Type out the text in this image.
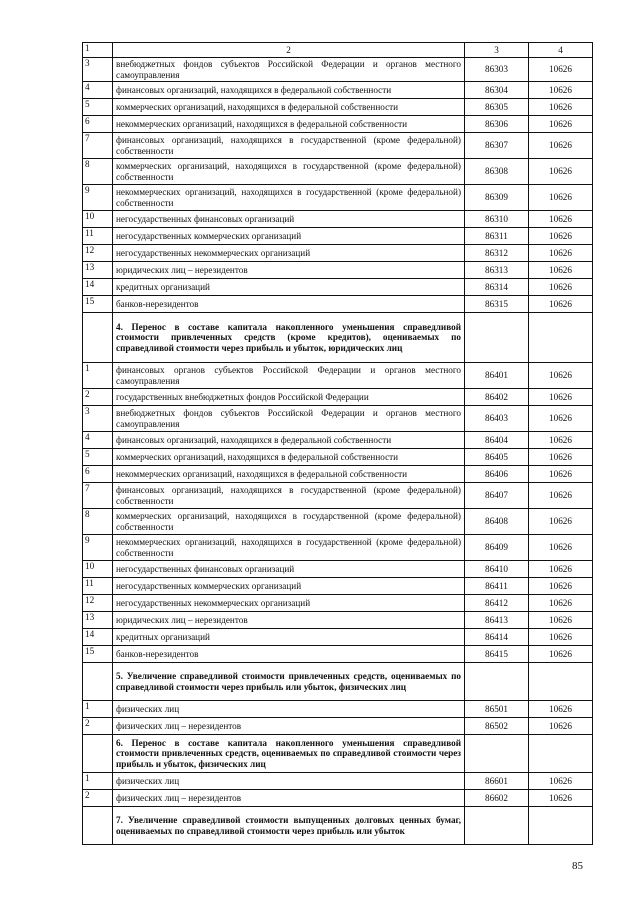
1	2	3	4
3	внебюджетных фондов субъектов Российской Федерации и органов местного самоуправления	86303	10626
4	финансовых организаций, находящихся в федеральной собственности	86304	10626
5	коммерческих организаций, находящихся в федеральной собственности	86305	10626
6	некоммерческих организаций, находящихся в федеральной собственности	86306	10626
7	финансовых организаций, находящихся в государственной (кроме федеральной) собственности	86307	10626
8	коммерческих организаций, находящихся в государственной (кроме федеральной) собственности	86308	10626
9	некоммерческих организаций, находящихся в государственной (кроме федеральной) собственности	86309	10626
10	негосударственных финансовых организаций	86310	10626
11	негосударственных коммерческих организаций	86311	10626
12	негосударственных некоммерческих организаций	86312	10626
13	юридических лиц – нерезидентов	86313	10626
14	кредитных организаций	86314	10626
15	банков-нерезидентов	86315	10626
	4. Перенос в составе капитала накопленного уменьшения справедливой стоимости привлеченных средств (кроме кредитов), оцениваемых по справедливой стоимости через прибыль и убыток, юридических лиц		
1	финансовых органов субъектов Российской Федерации и органов местного самоуправления	86401	10626
2	государственных внебюджетных фондов Российской Федерации	86402	10626
3	внебюджетных фондов субъектов Российской Федерации и органов местного самоуправления	86403	10626
4	финансовых организаций, находящихся в федеральной собственности	86404	10626
5	коммерческих организаций, находящихся в федеральной собственности	86405	10626
6	некоммерческих организаций, находящихся в федеральной собственности	86406	10626
7	финансовых организаций, находящихся в государственной (кроме федеральной) собственности	86407	10626
8	коммерческих организаций, находящихся в государственной (кроме федеральной) собственности	86408	10626
9	некоммерческих организаций, находящихся в государственной (кроме федеральной) собственности	86409	10626
10	негосударственных финансовых организаций	86410	10626
11	негосударственных коммерческих организаций	86411	10626
12	негосударственных некоммерческих организаций	86412	10626
13	юридических лиц – нерезидентов	86413	10626
14	кредитных организаций	86414	10626
15	банков-нерезидентов	86415	10626
	5. Увеличение справедливой стоимости привлеченных средств, оцениваемых по справедливой стоимости через прибыль или убыток, физических лиц		
1	физических лиц	86501	10626
2	физических лиц – нерезидентов	86502	10626
	6. Перенос в составе капитала накопленного уменьшения справедливой стоимости привлеченных средств, оцениваемых по справедливой стоимости через прибыль и убыток, физических лиц		
1	физических лиц	86601	10626
2	физических лиц – нерезидентов	86602	10626
	7. Увеличение справедливой стоимости выпущенных долговых ценных бумаг, оцениваемых по справедливой стоимости через прибыль или убыток		
85
